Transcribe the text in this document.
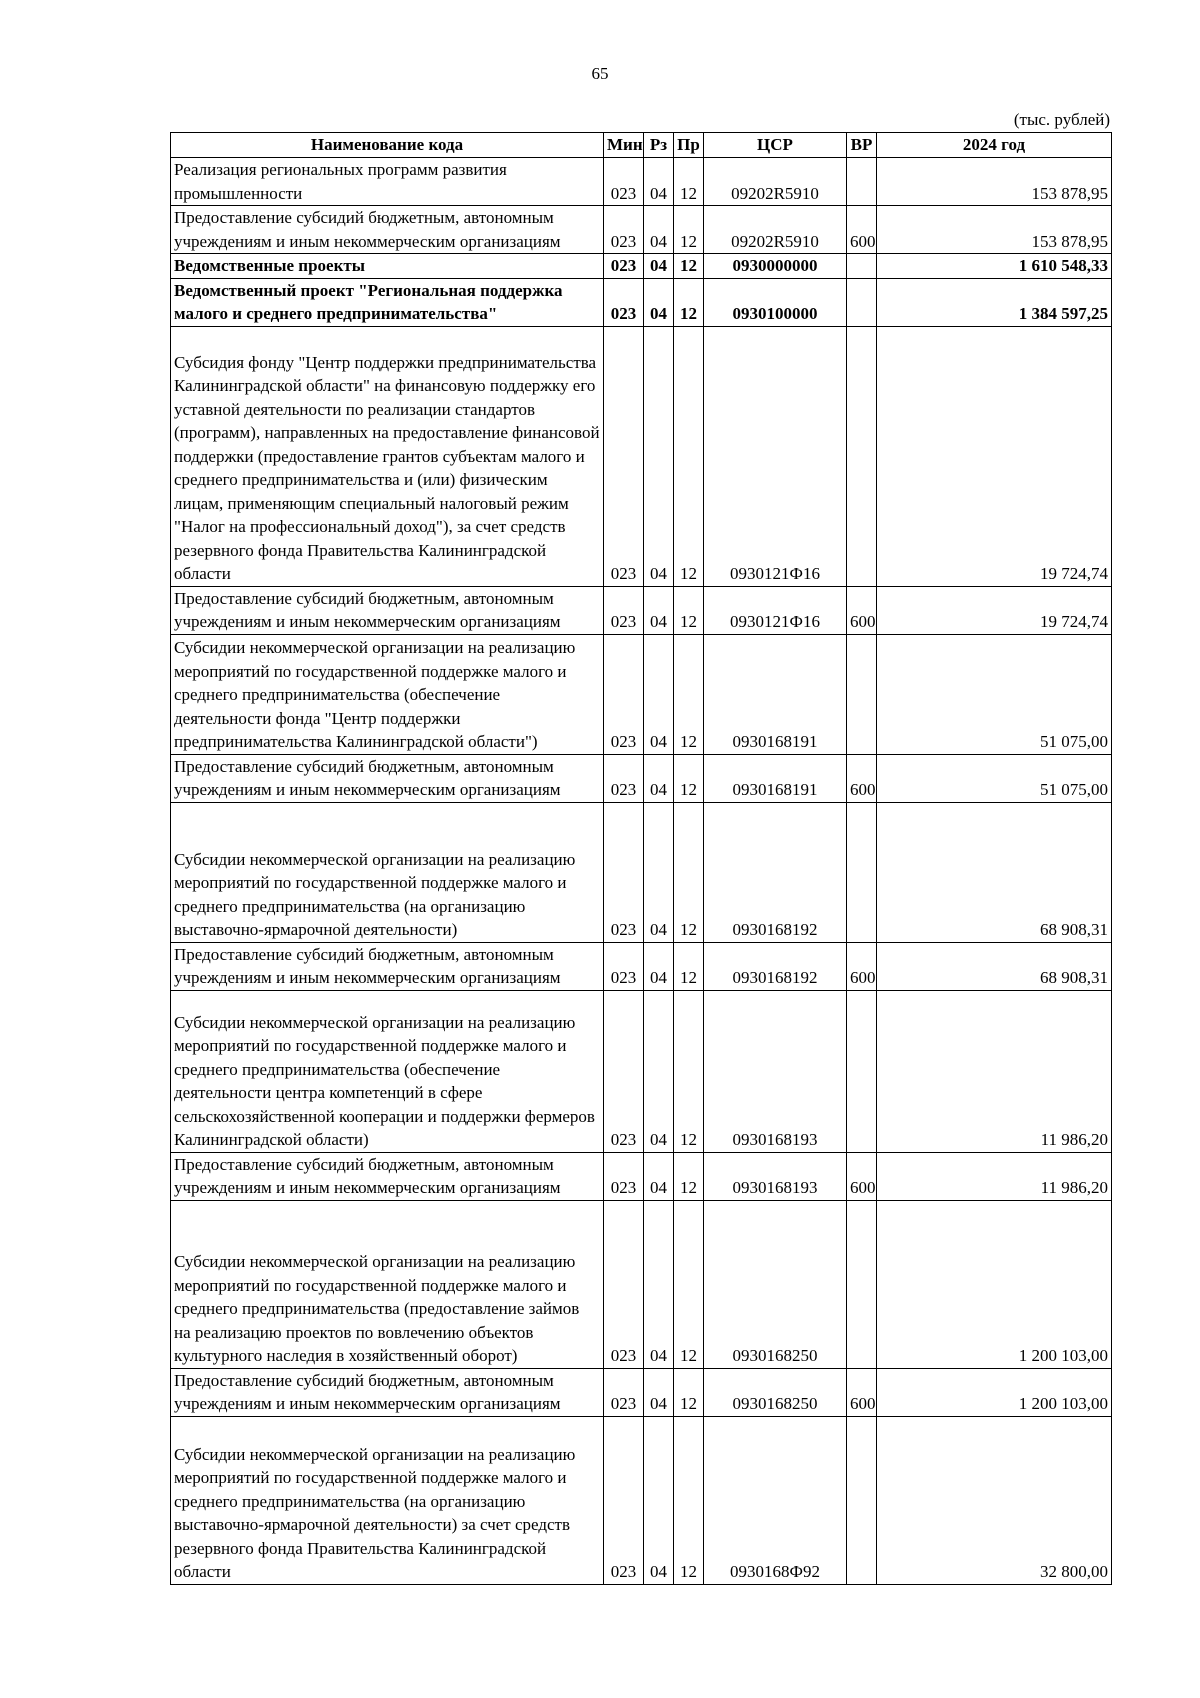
65
(тыс. рублей)
Наименование кода	Мин	Рз	Пр	ЦСР	ВР	2024 год
Реализация региональных программ развития промышленности	023	04	12	09202R5910		153 878,95
Предоставление субсидий бюджетным, автономным учреждениям и иным некоммерческим организациям	023	04	12	09202R5910	600	153 878,95
Ведомственные проекты	023	04	12	0930000000		1 610 548,33
Ведомственный проект "Региональная поддержка малого и среднего предпринимательства"	023	04	12	0930100000		1 384 597,25
Субсидия фонду "Центр поддержки предпринимательства Калининградской области" на финансовую поддержку его уставной деятельности по реализации стандартов (программ), направленных на предоставление финансовой поддержки (предоставление грантов субъектам малого и среднего предпринимательства и (или) физическим лицам, применяющим специальный налоговый режим "Налог на профессиональный доход"), за счет средств резервного фонда Правительства Калининградской области	023	04	12	0930121Ф16		19 724,74
Предоставление субсидий бюджетным, автономным учреждениям и иным некоммерческим организациям	023	04	12	0930121Ф16	600	19 724,74
Субсидии некоммерческой организации на реализацию мероприятий по государственной поддержке малого и среднего предпринимательства (обеспечение деятельности фонда "Центр поддержки предпринимательства Калининградской области")	023	04	12	0930168191		51 075,00
Предоставление субсидий бюджетным, автономным учреждениям и иным некоммерческим организациям	023	04	12	0930168191	600	51 075,00
Субсидии некоммерческой организации на реализацию мероприятий по государственной поддержке малого и среднего предпринимательства (на организацию выставочно-ярмарочной деятельности)	023	04	12	0930168192		68 908,31
Предоставление субсидий бюджетным, автономным учреждениям и иным некоммерческим организациям	023	04	12	0930168192	600	68 908,31
Субсидии некоммерческой организации на реализацию мероприятий по государственной поддержке малого и среднего предпринимательства (обеспечение деятельности центра компетенций в сфере сельскохозяйственной кооперации и поддержки фермеров Калининградской области)	023	04	12	0930168193		11 986,20
Предоставление субсидий бюджетным, автономным учреждениям и иным некоммерческим организациям	023	04	12	0930168193	600	11 986,20
Субсидии некоммерческой организации на реализацию мероприятий по государственной поддержке малого и среднего предпринимательства (предоставление займов на реализацию проектов по вовлечению объектов культурного наследия в хозяйственный оборот)	023	04	12	0930168250		1 200 103,00
Предоставление субсидий бюджетным, автономным учреждениям и иным некоммерческим организациям	023	04	12	0930168250	600	1 200 103,00
Субсидии некоммерческой организации на реализацию мероприятий по государственной поддержке малого и среднего предпринимательства (на организацию выставочно-ярмарочной деятельности) за счет средств резервного фонда Правительства Калининградской области	023	04	12	0930168Ф92		32 800,00
